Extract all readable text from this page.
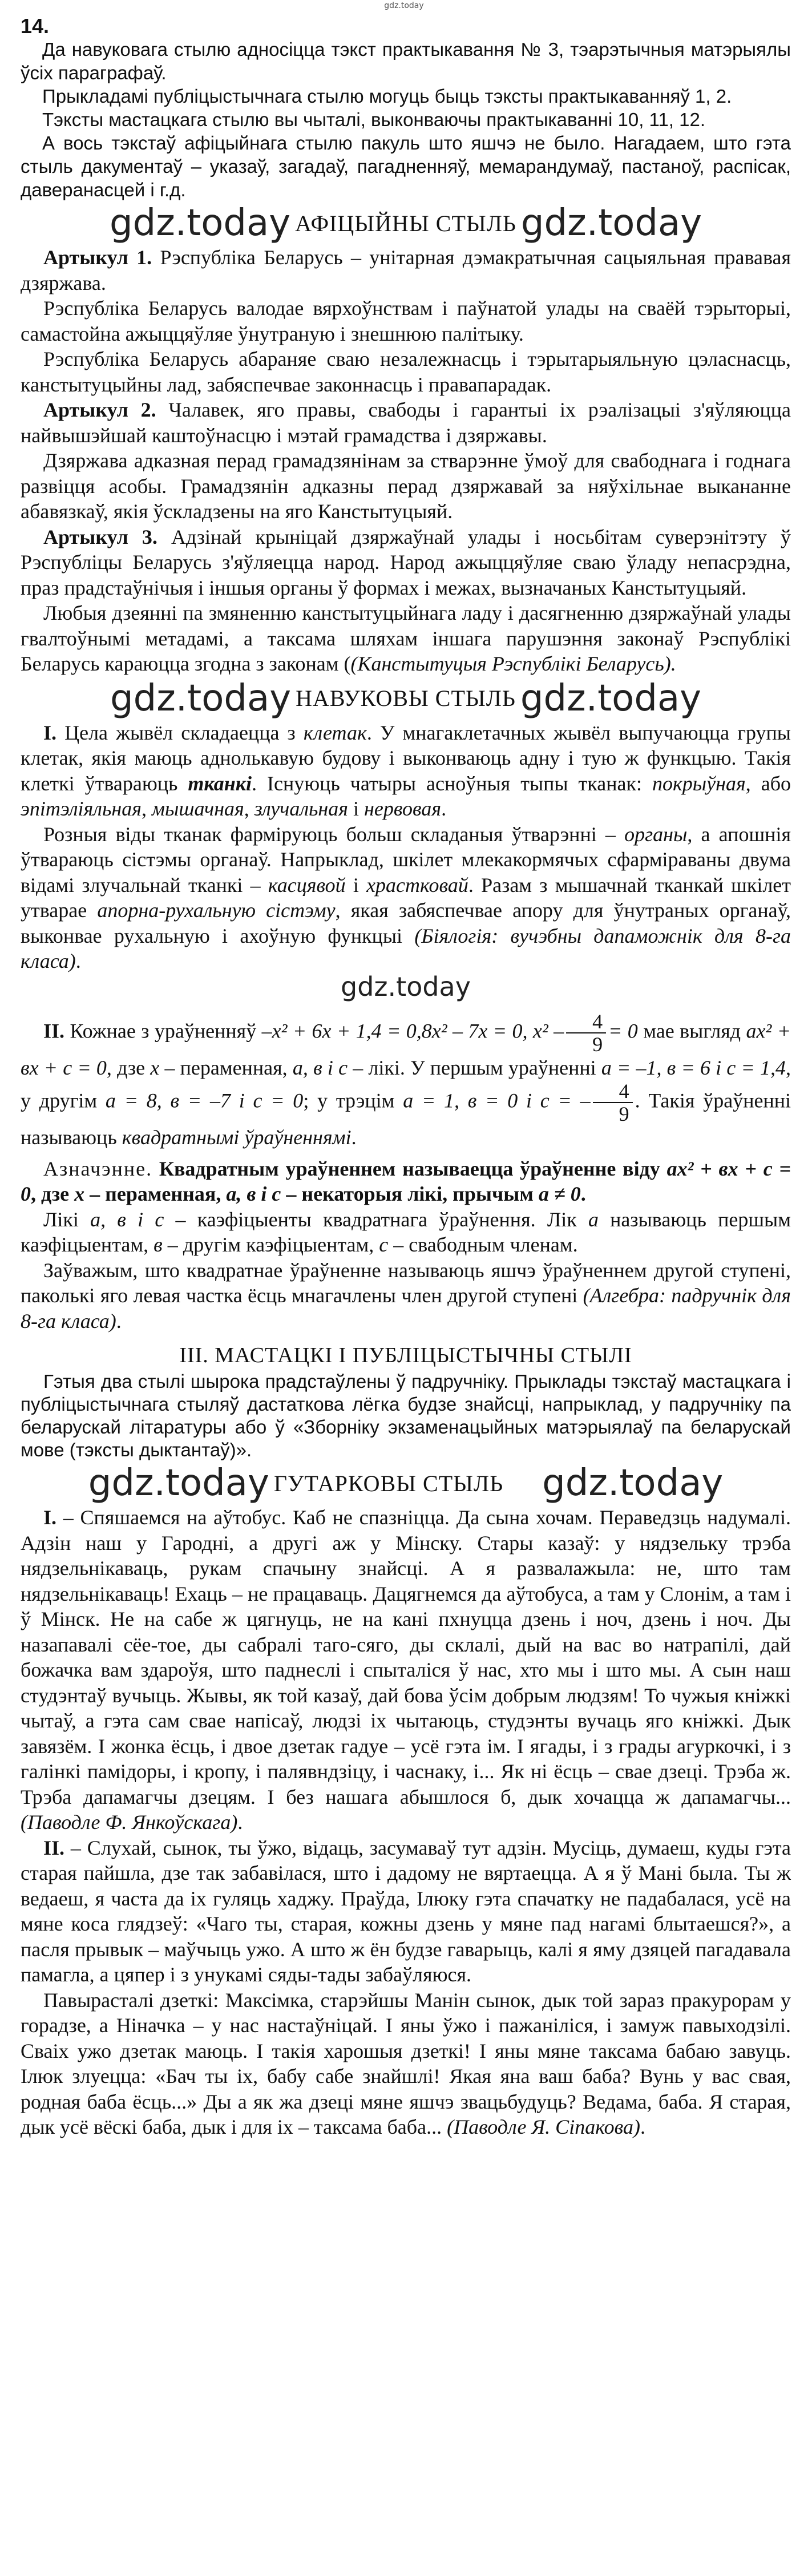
gdz.today
14.

Да навуковага стылю адносіцца тэкст практыкавання № 3, тэарэтычныя матэрыялы ўсіх параграфаў.

Прыкладамі публіцыстычнага стылю могуць быць тэксты практыкаванняў 1, 2.

Тэксты мастацкага стылю вы чыталі, выконваючы практыкаванні 10, 11, 12.

А вось тэкстаў афіцыйнага стылю пакуль што яшчэ не было. Нагадаем, што гэта стыль дакументаў – указаў, загадаў, пагадненняў, мемарандумаў, пастаноў, распісак, даверанасцей і г.д.

gdz.today АФІЦЫЙНЫ СТЫЛЬ gdz.today

Артыкул 1. Рэспубліка Беларусь – унітарная дэмакратычная сацыяльная прававая дзяржава.

Рэспубліка Беларусь валодае вярхоўнствам і паўнатой улады на сваёй тэрыторыі, самастойна ажыццяўляе ўнутраную і знешнюю палітыку.

Рэспубліка Беларусь абараняе сваю незалежнасць і тэрытарыяльную цэласнасць, канстытуцыйны лад, забяспечвае законнасць і правапарадак.

Артыкул 2. Чалавек, яго правы, свабоды і гарантыі іх рэалізацыі з'яўляюцца найвышэйшай каштоўнасцю і мэтай грамадства і дзяржавы.

Дзяржава адказная перад грамадзянінам за стварэнне ўмоў для свабоднага і годнага развіцця асобы. Грамадзянін адказны перад дзяржавай за няўхільнае выкананне абавязкаў, якія ўскладзены на яго Канстытуцыяй.

Артыкул 3. Адзінай крыніцай дзяржаўнай улады і носьбітам суверэнітэту ў Рэспубліцы Беларусь з'яўляецца народ. Народ ажыццяўляе сваю ўладу непасрэдна, праз прадстаўнічыя і іншыя органы ў формах і межах, вызначаных Канстытуцыяй.

Любыя дзеянні па змяненню канстытуцыйнага ладу і дасягненню дзяржаўнай улады гвалтоўнымі метадамі, а таксама шляхам іншага парушэння законаў Рэспублікі Беларусь караюцца згодна з законам ((Канстытуцыя Рэспублікі Беларусь).

gdz.today НАВУКОВЫ СТЫЛЬ gdz.today

I. Цела жывёл складаецца з клетак. У мнагаклетачных жывёл выпучаюцца групы клетак, якія маюць аднолькавую будову і выконваюць адну і тую ж функцыю. Такія клеткі ўтвараюць тканкі. Існуюць чатыры асноўныя тыпы тканак: покрыўная, або эпітэліяльная, мышачная, злучальная і нервовая.

Розныя віды тканак фарміруюць больш складаныя ўтварэнні – органы, а апошнія ўтвараюць сістэмы органаў. Напрыклад, шкілет млекакормячых сфарміраваны двума відамі злучальнай тканкі – касцявой і храстковай. Разам з мышачнай тканкай шкілет утварае апорна-рухальную сістэму, якая забяспечвае апору для ўнутраных органаў, выконвае рухальную і ахоўную функцыі (Біялогія: вучэбны дапаможнік для 8-га класа).

gdz.today

II. Кожнае з ураўненняў –x² + 6x + 1,4 = 0,8x² – 7x = 0, $x^2 - \frac{4}{9} = 0$ мае выгляд ax² + вx + c = 0, дзе x – пераменная, a, в і c – лікі. У першым ураўненні a = –1, в = 6 і c = 1,4, у другім a = 8, в = –7 і c = 0; у трэцім a = 1, в = 0 і c = – $\frac{4}{9}$ . Такія ўраўненні называюць квадратнымі ўраўненнямі.

Азначэнне. Квадратным ураўненнем называецца ўраўненне віду ax² + вx + c = 0, дзе x – пераменная, a, в і c – некаторыя лікі, прычым a ≠ 0.

Лікі a, в і c – каэфіцыенты квадратнага ўраўнення. Лік a называюць першым каэфіцыентам, в – другім каэфіцыентам, c – свабодным членам.

Заўважым, што квадратнае ўраўненне называюць яшчэ ўраўненнем другой ступені, паколькі яго левая частка ёсць мнагачлены член другой ступені (Алгебра: падручнік для 8-га класа).

III. МАСТАЦКІ І ПУБЛІЦЫСТЫЧНЫ СТЫЛІ

Гэтыя два стылі шырока прадстаўлены ў падручніку. Прыклады тэкстаў мастацкага і публіцыстычнага стыляў дастаткова лёгка будзе знайсці, напрыклад, у падручніку па беларускай літаратуры або ў «Зборніку экзаменацыйных матэрыялаў па беларускай мове (тэксты дыктантаў)».

gdz.today ГУТАРКОВЫ СТЫЛЬ gdz.today

I. – Спяшаемся на аўтобус. Каб не спазніцца. Да сына хочам. Пераведзць надумалі. Адзін наш у Гародні, а другі аж у Мінску. Стары казаў: у нядзельку трэба нядзельнікаваць, рукам спачыну знайсці. А я развалажыла: не, што там нядзельнікаваць! Ехаць – не працаваць. Дацягнемся да аўтобуса, а там у Слонім, а там і ў Мінск. Не на сабе ж цягнуць, не на кані пхнуцца дзень і ноч, дзень і ноч. Ды назапавалі сёе-тое, ды сабралі таго-сяго, ды склалі, дый на вас во натрапілі, дай божачка вам здароўя, што паднеслі і спыталіся ў нас, хто мы і што мы. А сын наш студэнтаў вучыць. Жывы, як той казаў, дай бова ўсім добрым людзям! То чужыя кніжкі чытаў, а гэта сам свае напісаў, людзі іх чытаюць, студэнты вучаць яго кніжкі. Дык завязём. І жонка ёсць, і двое дзетак гадуе – усё гэта ім. І ягады, і з грады агуркочкі, і з галінкі памідоры, і кропу, і палявндзіцу, і часнаку, і... Як ні ёсць – свае дзеці. Трэба ж. Трэба дапамагчы дзецям. І без нашага абышлося б, дык хочацца ж дапамагчы... (Паводле Ф. Янкоўскага).

II. – Слухай, сынок, ты ўжо, відаць, засумаваў тут адзін. Мусіць, думаеш, куды гэта старая пайшла, дзе так забавілася, што і дадому не вяртаецца. А я ў Мані была. Ты ж ведаеш, я часта да іх гуляць хаджу. Праўда, Ілюку гэта спачатку не падабалася, усё на мяне коса глядзеў: «Чаго ты, старая, кожны дзень у мяне пад нагамі блытаешся?», а пасля прывык – маўчыць ужо. А што ж ён будзе гаварыць, калі я яму дзяцей пагадавала памагла, а цяпер і з унукамі сяды-тады забаўляюся.

Павырасталі дзеткі: Максімка, старэйшы Манін сынок, дык той зараз пракурорам у горадзе, а Ніначка – у нас настаўніцай. І яны ўжо і пажаніліся, і замуж павыходзілі. Сваіх ужо дзетак маюць. І такія харошыя дзеткі! І яны мяне таксама бабаю завуць. Ілюк злуецца: «Бач ты іх, бабу сабе знайшлі! Якая яна ваш баба? Вунь у вас свая, родная баба ёсць...» Ды а як жа дзеці мяне яшчэ звацьбудуць? Ведама, баба. Я старая, дык усё вёскі баба, дык і для іх – таксама баба... (Паводле Я. Сіпакова).
